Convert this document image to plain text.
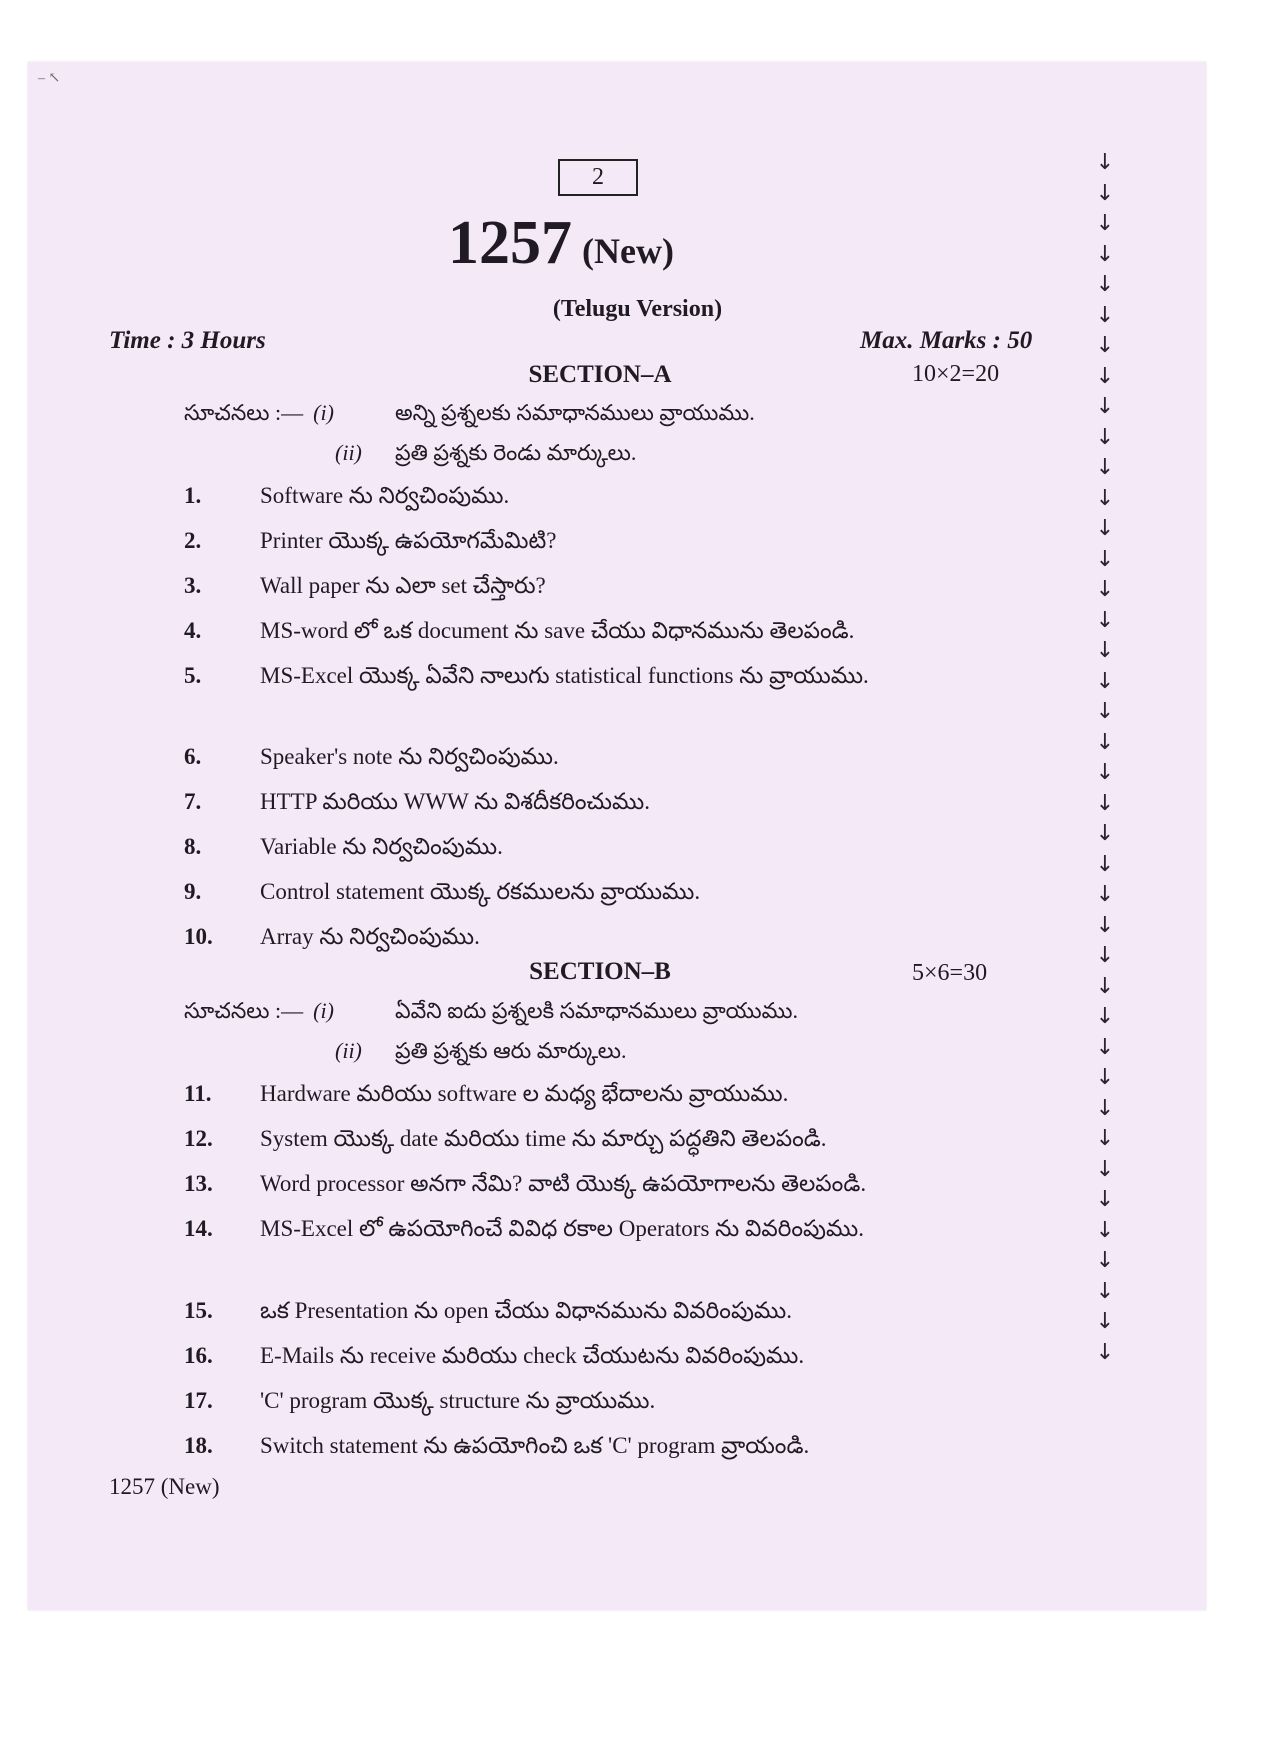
– ↖
2
1257 (New)
(Telugu Version)
Time : 3 Hours	Max. Marks : 50
SECTION–A	10×2=20
సూచనలు :— (i)	అన్ని ప్రశ్నలకు సమాధానములు వ్రాయుము.
(ii) ప్రతి ప్రశ్నకు రెండు మార్కులు.
1.	Software ను నిర్వచింపుము.
2.	Printer యొక్క ఉపయోగమేమిటి?
3.	Wall paper ను ఎలా set చేస్తారు?
4.	MS-word లో ఒక document ను save చేయు విధానమును తెలపండి.
5.	MS-Excel యొక్క ఏవేని నాలుగు statistical functions ను వ్రాయుము.
6.	Speaker's note ను నిర్వచింపుము.
7.	HTTP మరియు WWW ను విశదీకరించుము.
8.	Variable ను నిర్వచింపుము.
9.	Control statement యొక్క రకములను వ్రాయుము.
10.	Array ను నిర్వచింపుము.
SECTION–B	5×6=30
సూచనలు :— (i)	ఏవేని ఐదు ప్రశ్నలకి సమాధానములు వ్రాయుము.
(ii) ప్రతి ప్రశ్నకు ఆరు మార్కులు.
11.	Hardware మరియు software ల మధ్య భేదాలను వ్రాయుము.
12.	System యొక్క date మరియు time ను మార్చు పద్ధతిని తెలపండి.
13.	Word processor అనగా నేమి? వాటి యొక్క ఉపయోగాలను తెలపండి.
14.	MS-Excel లో ఉపయోగించే వివిధ రకాల Operators ను వివరింపుము.
15.	ఒక Presentation ను open చేయు విధానమును వివరింపుము.
16.	E-Mails ను receive మరియు check చేయుటను వివరింపుము.
17.	'C' program యొక్క structure ను వ్రాయుము.
18.	Switch statement ను ఉపయోగించి ఒక 'C' program వ్రాయండి.
1257 (New)
↓
↓
↓
↓
↓
↓
↓
↓
↓
↓
↓
↓
↓
↓
↓
↓
↓
↓
↓
↓
↓
↓
↓
↓
↓
↓
↓
↓
↓
↓
↓
↓
↓
↓
↓
↓
↓
↓
↓
↓
